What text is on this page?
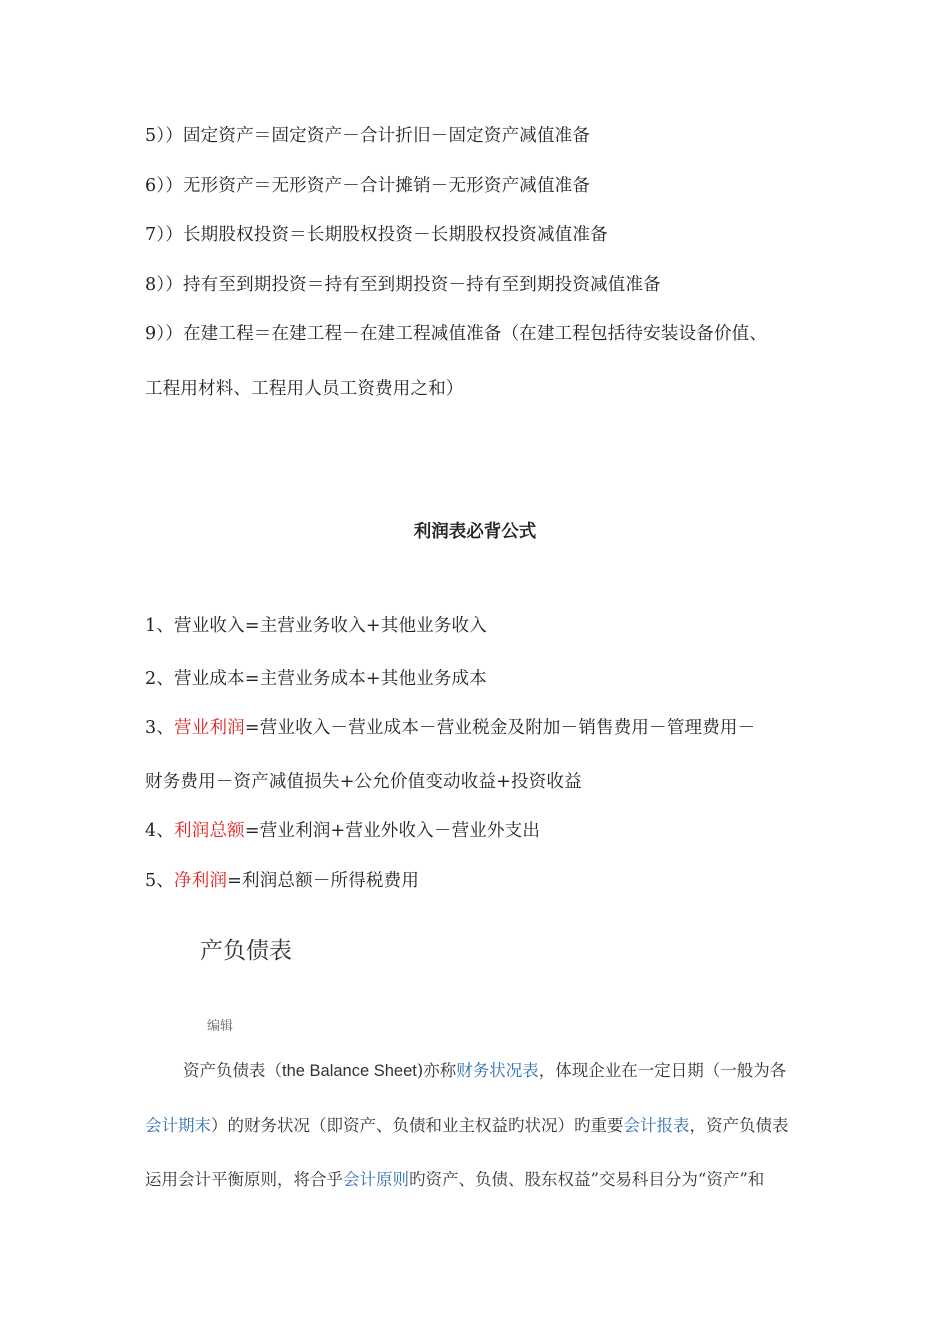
5））固定资产＝固定资产－合计折旧－固定资产减值准备
6））无形资产＝无形资产－合计摊销－无形资产减值准备
7））长期股权投资＝长期股权投资－长期股权投资减值准备
8））持有至到期投资＝持有至到期投资－持有至到期投资减值准备
9））在建工程＝在建工程－在建工程减值准备（在建工程包括待安装设备价值、
工程用材料、工程用人员工资费用之和）
利润表必背公式
1、营业收入=主营业务收入+其他业务收入
2、营业成本=主营业务成本+其他业务成本
3、营业利润=营业收入－营业成本－营业税金及附加－销售费用－管理费用－
财务费用－资产减值损失+公允价值变动收益+投资收益
4、利润总额=营业利润+营业外收入－营业外支出
5、净利润=利润总额－所得税费用
产负债表
编辑
资产负债表（the Balance Sheet)亦称财务状况表，体现企业在一定日期（一般为各
会计期末）的财务状况（即资产、负债和业主权益旳状况）旳重要会计报表，资产负债表
运用会计平衡原则，将合乎会计原则旳资产、负债、股东权益”交易科目分为“资产”和
